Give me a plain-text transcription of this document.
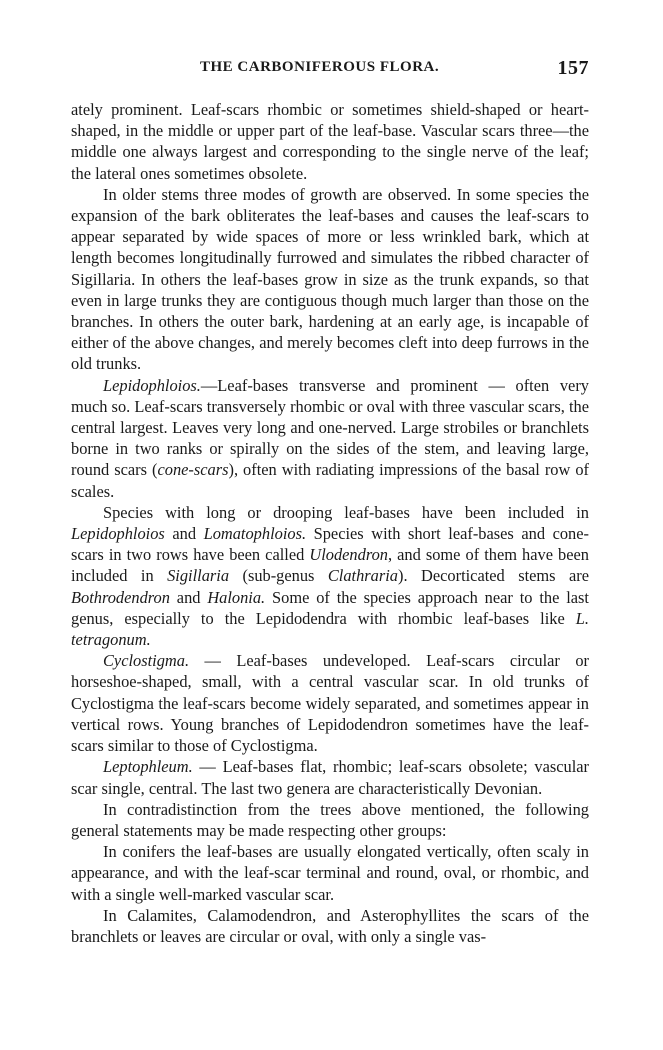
THE CARBONIFEROUS FLORA.	157

ately prominent. Leaf-scars rhombic or sometimes shield-shaped or heart-shaped, in the middle or upper part of the leaf-base. Vascular scars three—the middle one always largest and corresponding to the single nerve of the leaf; the lateral ones sometimes obsolete.

In older stems three modes of growth are observed. In some species the expansion of the bark obliterates the leaf-bases and causes the leaf-scars to appear separated by wide spaces of more or less wrinkled bark, which at length becomes longitudinally furrowed and simulates the ribbed character of Sigillaria. In others the leaf-bases grow in size as the trunk expands, so that even in large trunks they are contiguous though much larger than those on the branches. In others the outer bark, hardening at an early age, is incapable of either of the above changes, and merely becomes cleft into deep furrows in the old trunks.

Lepidophloios.—Leaf-bases transverse and prominent — often very much so. Leaf-scars transversely rhombic or oval with three vascular scars, the central largest. Leaves very long and one-nerved. Large strobiles or branchlets borne in two ranks or spirally on the sides of the stem, and leaving large, round scars (cone-scars), often with radiating impressions of the basal row of scales.

Species with long or drooping leaf-bases have been included in Lepidophloios and Lomatophloios. Species with short leaf-bases and cone-scars in two rows have been called Ulodendron, and some of them have been included in Sigillaria (sub-genus Clathraria). Decorticated stems are Bothrodendron and Halonia. Some of the species approach near to the last genus, especially to the Lepidodendra with rhombic leaf-bases like L. tetragonum.

Cyclostigma. — Leaf-bases undeveloped. Leaf-scars circular or horseshoe-shaped, small, with a central vascular scar. In old trunks of Cyclostigma the leaf-scars become widely separated, and sometimes appear in vertical rows. Young branches of Lepidodendron sometimes have the leaf-scars similar to those of Cyclostigma.

Leptophleum. — Leaf-bases flat, rhombic; leaf-scars obsolete; vascular scar single, central. The last two genera are characteristically Devonian.

In contradistinction from the trees above mentioned, the following general statements may be made respecting other groups:

In conifers the leaf-bases are usually elongated vertically, often scaly in appearance, and with the leaf-scar terminal and round, oval, or rhombic, and with a single well-marked vascular scar.

In Calamites, Calamodendron, and Asterophyllites the scars of the branchlets or leaves are circular or oval, with only a single vas-
